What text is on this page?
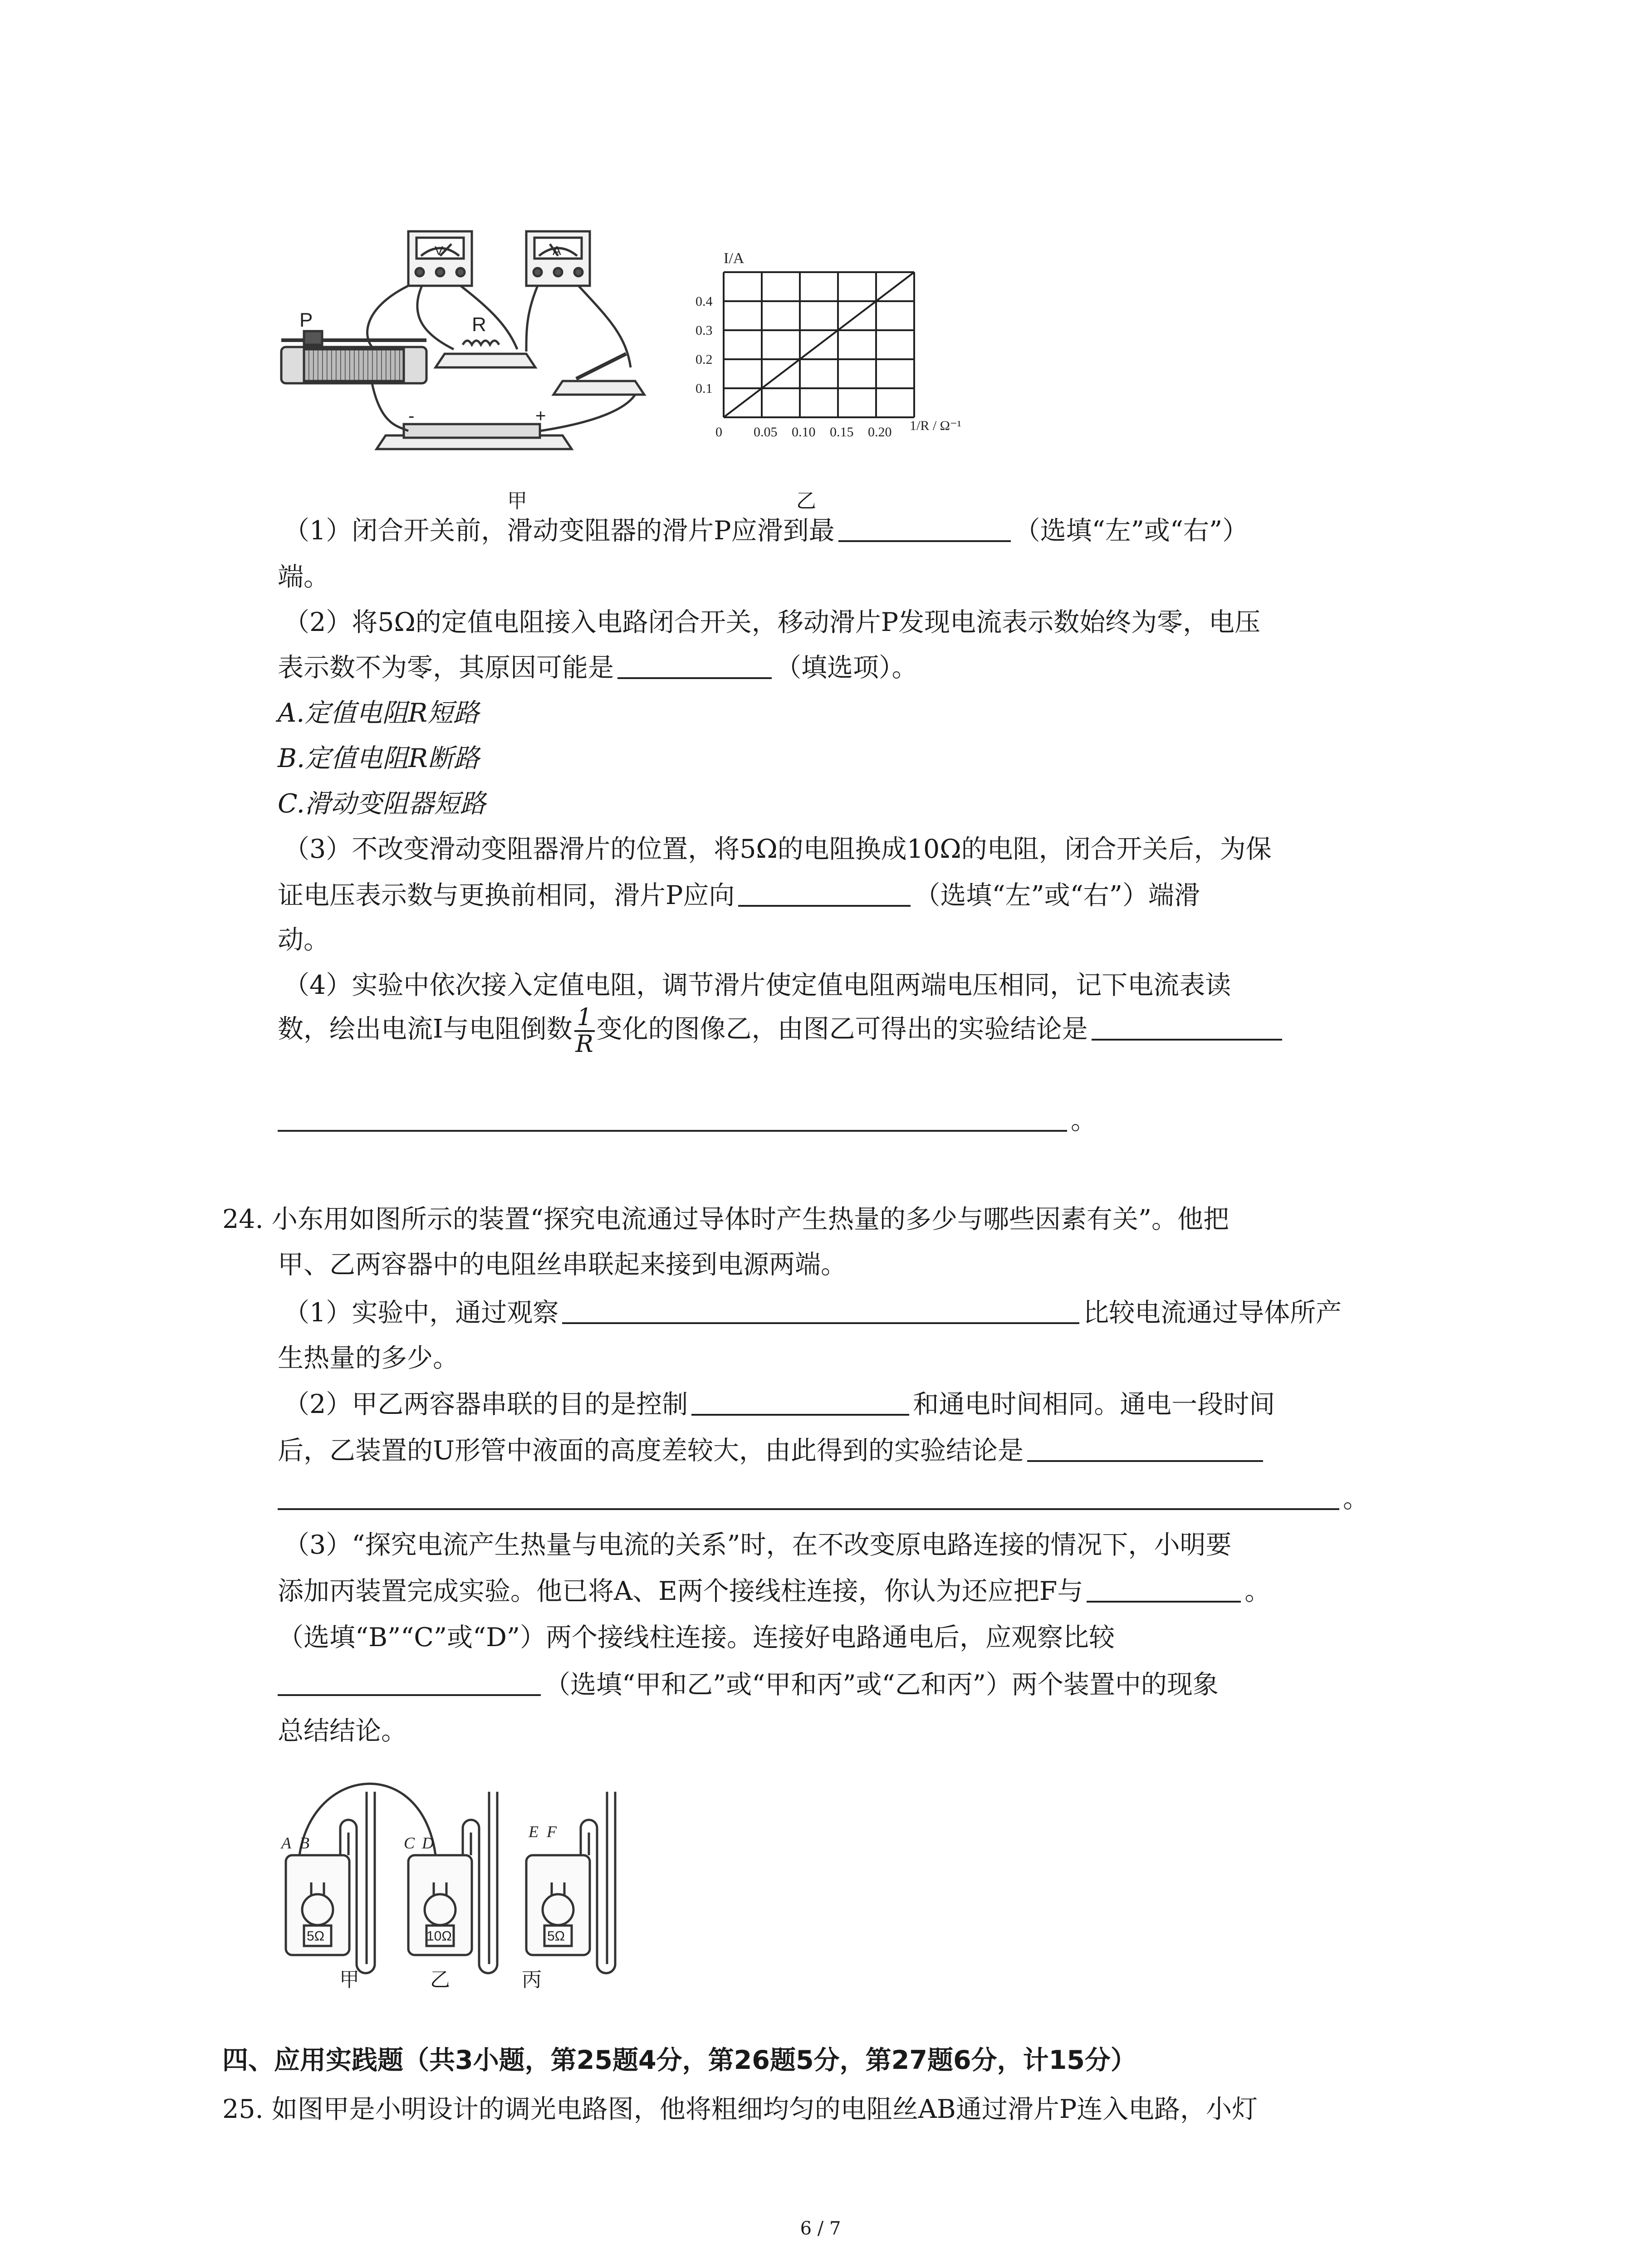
P	R
V	A
-	+
0 0.05 0.10 0.15 0.20
0.1
0.2
0.3
0.4
I/A
1/R / Ω⁻¹
甲	乙
（1）闭合开关前，滑动变阻器的滑片P应滑到最	（选填“左”或“右”）
端。
（2）将5Ω的定值电阻接入电路闭合开关，移动滑片P发现电流表示数始终为零，电压
表示数不为零，其原因可能是	（填选项）。
A.定值电阻R短路
B.定值电阻R断路
C.滑动变阻器短路
（3）不改变滑动变阻器滑片的位置，将5Ω的电阻换成10Ω的电阻，闭合开关后，为保
证电压表示数与更换前相同，滑片P应向	（选填“左”或“右”）端滑
动。
（4）实验中依次接入定值电阻，调节滑片使定值电阻两端电压相同，记下电流表读
数，绘出电流I与电阻倒数 $\frac{1}{R}$ 变化的图像乙，由图乙可得出的实验结论是
。
24. 小东用如图所示的装置“探究电流通过导体时产生热量的多少与哪些因素有关”。他把
甲、乙两容器中的电阻丝串联起来接到电源两端。
（1）实验中，通过观察	比较电流通过导体所产
生热量的多少。
（2）甲乙两容器串联的目的是控制	和通电时间相同。通电一段时间
后，乙装置的U形管中液面的高度差较大，由此得到的实验结论是
。
（3）“探究电流产生热量与电流的关系”时，在不改变原电路连接的情况下，小明要
添加丙装置完成实验。他已将A、E两个接线柱连接，你认为还应把F与	。
（选填“B”“C”或“D”）两个接线柱连接。连接好电路通电后，应观察比较
（选填“甲和乙”或“甲和丙”或“乙和丙”）两个装置中的现象
总结结论。
A B	C D
E F
5Ω	10Ω	5Ω
甲	乙	丙
四、应用实践题（共3小题，第25题4分，第26题5分，第27题6分，计15分）
25. 如图甲是小明设计的调光电路图，他将粗细均匀的电阻丝AB通过滑片P连入电路，小灯
6 / 7
